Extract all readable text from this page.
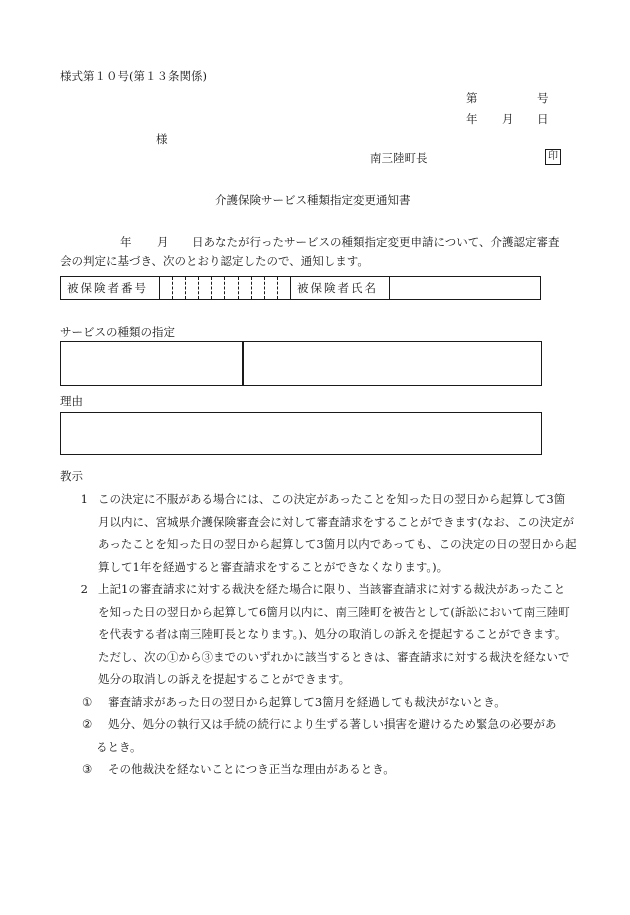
様式第１０号(第１３条関係)
第	号
年 月 日
様
南三陸町長	印
介護保険サービス種類指定変更通知書
年 月 日あなたが行ったサービスの種類指定変更申請について、介護認定審査
会の判定に基づき、次のとおり認定したので、通知します。
被保険者番号		被保険者氏名	
サービスの種類の指定
理由
教示
1 この決定に不服がある場合には、この決定があったことを知った日の翌日から起算して3箇
月以内に、宮城県介護保険審査会に対して審査請求をすることができます(なお、この決定が
あったことを知った日の翌日から起算して3箇月以内であっても、この決定の日の翌日から起
算して1年を経過すると審査請求をすることができなくなります。)。
2 上記1の審査請求に対する裁決を経た場合に限り、当該審査請求に対する裁決があったこと
を知った日の翌日から起算して6箇月以内に、南三陸町を被告として(訴訟において南三陸町
を代表する者は南三陸町長となります。)、処分の取消しの訴えを提起することができます。
ただし、次の①から③までのいずれかに該当するときは、審査請求に対する裁決を経ないで
処分の取消しの訴えを提起することができます。
①	審査請求があった日の翌日から起算して3箇月を経過しても裁決がないとき。
②	処分、処分の執行又は手続の続行により生ずる著しい損害を避けるため緊急の必要があ
るとき。
③	その他裁決を経ないことにつき正当な理由があるとき。
